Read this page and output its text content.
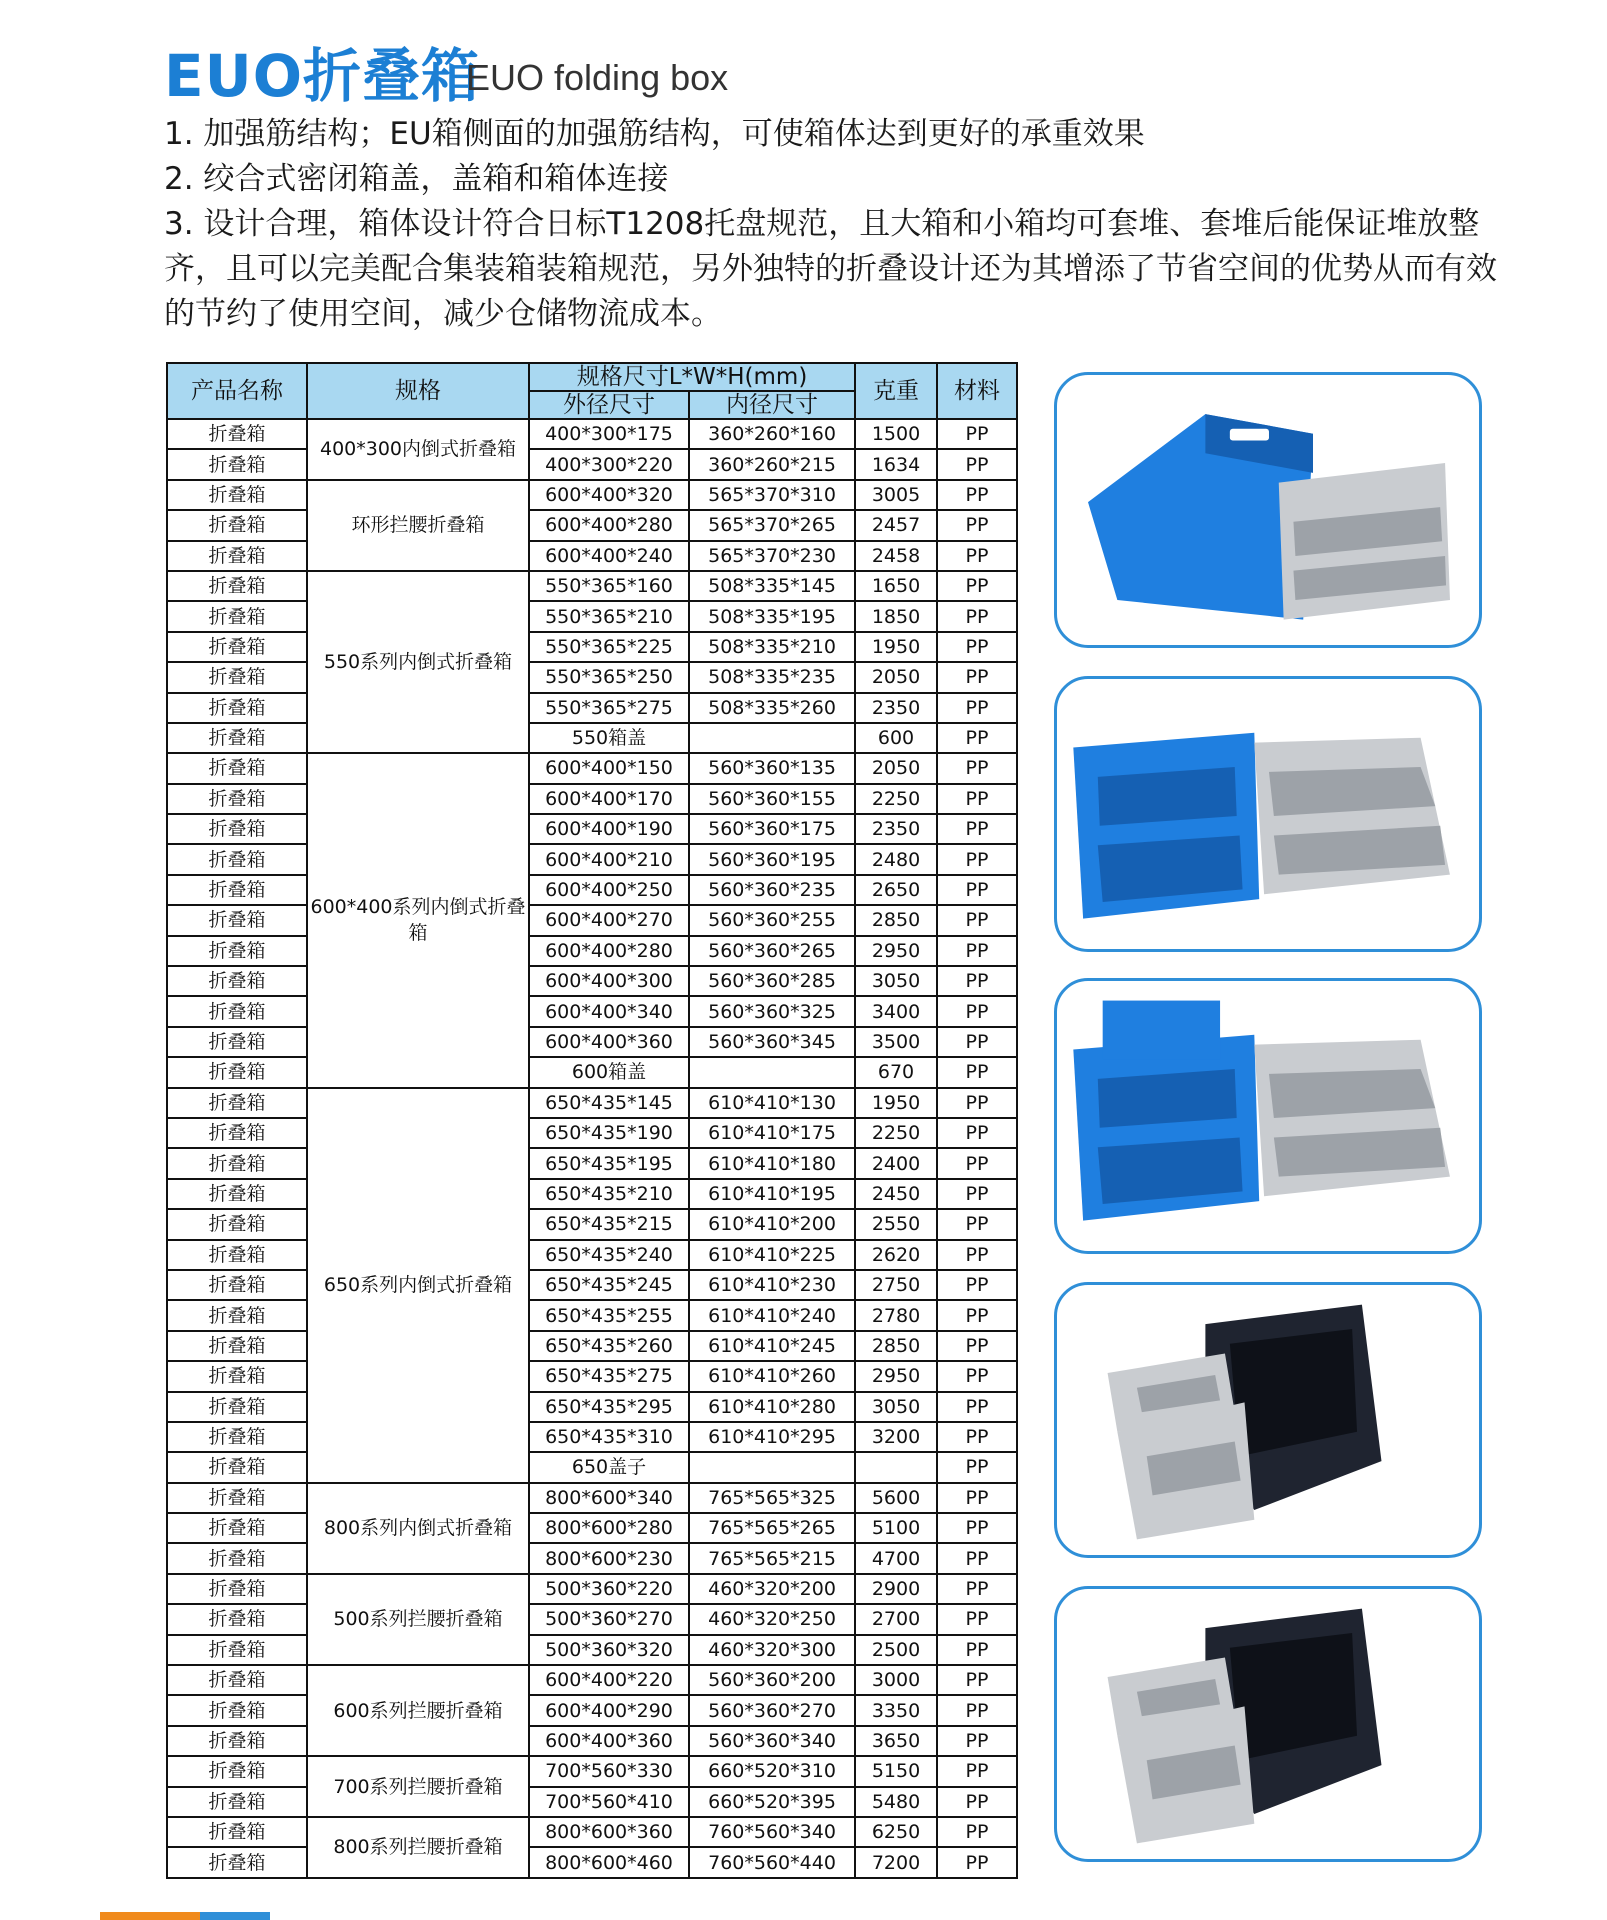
EUO折叠箱
EUO folding box

1. 加强筋结构；EU箱侧面的加强筋结构，可使箱体达到更好的承重效果

2. 绞合式密闭箱盖，盖箱和箱体连接

3. 设计合理，箱体设计符合日标T1208托盘规范，且大箱和小箱均可套堆、套堆后能保证堆放整齐，且可以完美配合集装箱装箱规范，另外独特的折叠设计还为其增添了节省空间的优势从而有效的节约了使用空间，减少仓储物流成本。

产品名称	规格	规格尺寸L*W*H(mm)		克重	材料
		外径尺寸	内径尺寸		
折叠箱	400*300内倒式折叠箱	400*300*175	360*260*160	1500	PP
折叠箱		400*300*220	360*260*215	1634	PP
折叠箱	环形拦腰折叠箱	600*400*320	565*370*310	3005	PP
折叠箱		600*400*280	565*370*265	2457	PP
折叠箱		600*400*240	565*370*230	2458	PP
折叠箱	550系列内倒式折叠箱	550*365*160	508*335*145	1650	PP
折叠箱		550*365*210	508*335*195	1850	PP
折叠箱		550*365*225	508*335*210	1950	PP
折叠箱		550*365*250	508*335*235	2050	PP
折叠箱		550*365*275	508*335*260	2350	PP
折叠箱		550箱盖		600	PP
折叠箱	600*400系列内倒式折叠箱	600*400*150	560*360*135	2050	PP
折叠箱		600*400*170	560*360*155	2250	PP
折叠箱		600*400*190	560*360*175	2350	PP
折叠箱		600*400*210	560*360*195	2480	PP
折叠箱		600*400*250	560*360*235	2650	PP
折叠箱		600*400*270	560*360*255	2850	PP
折叠箱		600*400*280	560*360*265	2950	PP
折叠箱		600*400*300	560*360*285	3050	PP
折叠箱		600*400*340	560*360*325	3400	PP
折叠箱		600*400*360	560*360*345	3500	PP
折叠箱		600箱盖		670	PP
折叠箱	650系列内倒式折叠箱	650*435*145	610*410*130	1950	PP
折叠箱		650*435*190	610*410*175	2250	PP
折叠箱		650*435*195	610*410*180	2400	PP
折叠箱		650*435*210	610*410*195	2450	PP
折叠箱		650*435*215	610*410*200	2550	PP
折叠箱		650*435*240	610*410*225	2620	PP
折叠箱		650*435*245	610*410*230	2750	PP
折叠箱		650*435*255	610*410*240	2780	PP
折叠箱		650*435*260	610*410*245	2850	PP
折叠箱		650*435*275	610*410*260	2950	PP
折叠箱		650*435*295	610*410*280	3050	PP
折叠箱		650*435*310	610*410*295	3200	PP
折叠箱		650盖子			PP
折叠箱	800系列内倒式折叠箱	800*600*340	765*565*325	5600	PP
折叠箱		800*600*280	765*565*265	5100	PP
折叠箱		800*600*230	765*565*215	4700	PP
折叠箱	500系列拦腰折叠箱	500*360*220	460*320*200	2900	PP
折叠箱		500*360*270	460*320*250	2700	PP
折叠箱		500*360*320	460*320*300	2500	PP
折叠箱	600系列拦腰折叠箱	600*400*220	560*360*200	3000	PP
折叠箱		600*400*290	560*360*270	3350	PP
折叠箱		600*400*360	560*360*340	3650	PP
折叠箱	700系列拦腰折叠箱	700*560*330	660*520*310	5150	PP
折叠箱		700*560*410	660*520*395	5480	PP
折叠箱	800系列拦腰折叠箱	800*600*360	760*560*340	6250	PP
折叠箱		800*600*460	760*560*440	7200	PP
